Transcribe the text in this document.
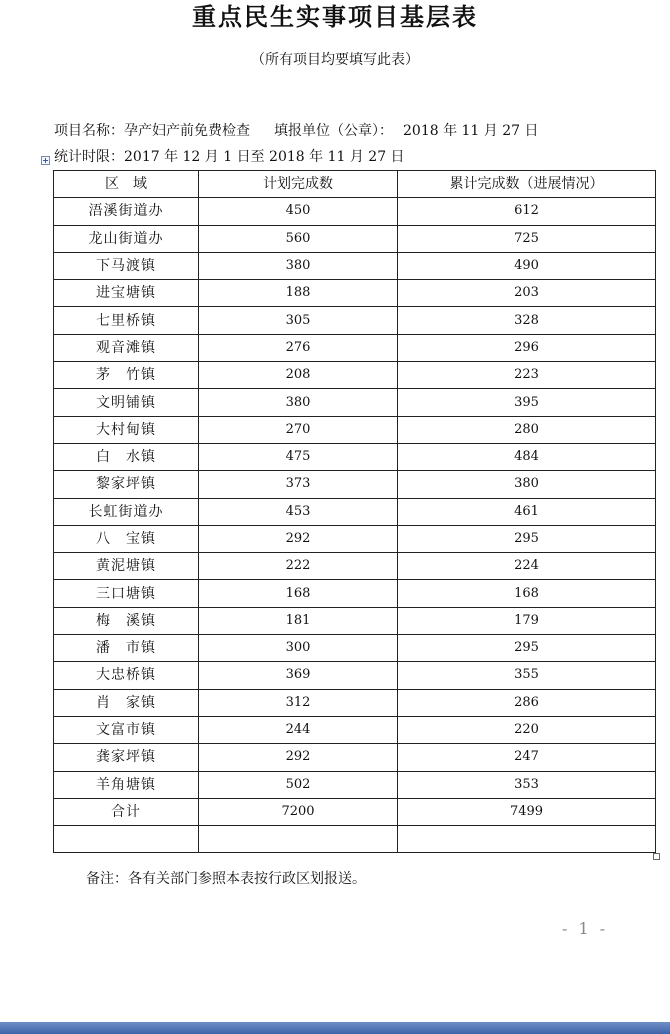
重点民生实事项目基层表
（所有项目均要填写此表）
项目名称：孕产妇产前免费检查 填报单位（公章）： 2018 年 11 月 27 日
统计时限：2017 年 12 月 1 日至 2018 年 11 月 27 日
区　域	计划完成数	累计完成数（进展情况）
浯溪街道办	450	612
龙山街道办	560	725
下马渡镇	380	490
进宝塘镇	188	203
七里桥镇	305	328
观音滩镇	276	296
茅　竹镇	208	223
文明铺镇	380	395
大村甸镇	270	280
白　水镇	475	484
黎家坪镇	373	380
长虹街道办	453	461
八　宝镇	292	295
黄泥塘镇	222	224
三口塘镇	168	168
梅　溪镇	181	179
潘　市镇	300	295
大忠桥镇	369	355
肖　家镇	312	286
文富市镇	244	220
龚家坪镇	292	247
羊角塘镇	502	353
合计	7200	7499

备注：各有关部门参照本表按行政区划报送。
- 1 -
